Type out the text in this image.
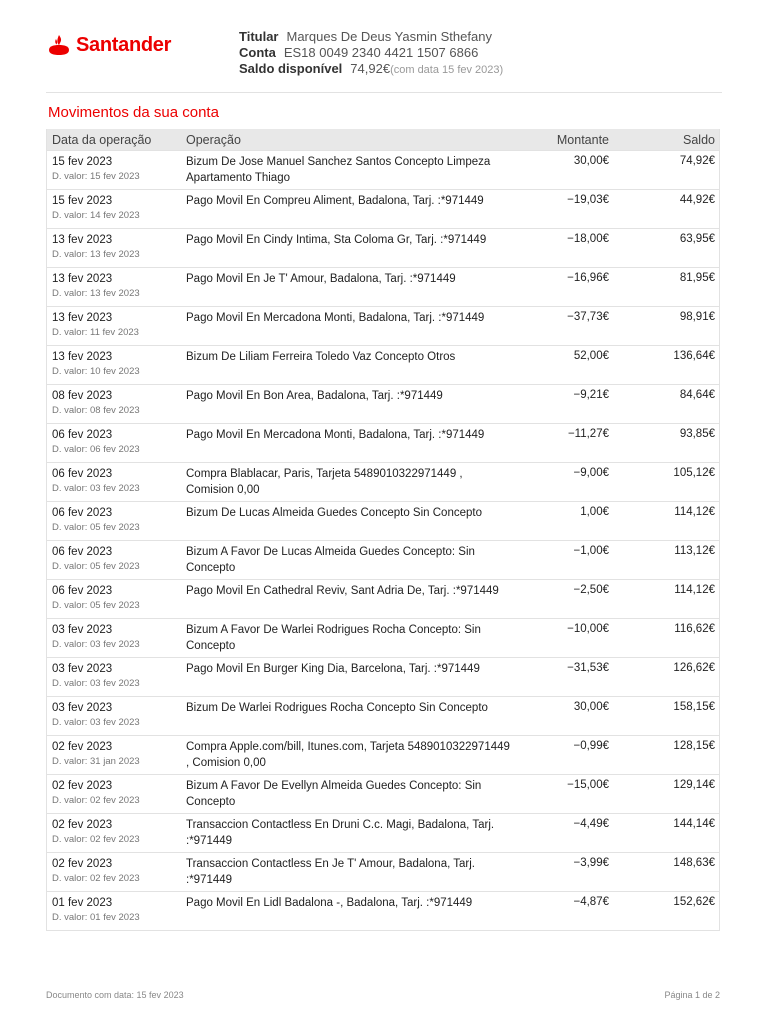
Santander	Titular Marques De Deus Yasmin Sthefany
Conta ES18 0049 2340 4421 1507 6866
Saldo disponível 74,92€(com data 15 fev 2023)
Movimentos da sua conta
Data da operação	Operação	Montante	Saldo
15 fev 2023
D. valor: 15 fev 2023
Bizum De Jose Manuel Sanchez Santos Concepto Limpeza Apartamento Thiago
30,00€	74,92€
15 fev 2023
D. valor: 14 fev 2023
Pago Movil En Compreu Aliment, Badalona, Tarj. :*971449	−19,03€	44,92€
13 fev 2023
D. valor: 13 fev 2023
Pago Movil En Cindy Intima, Sta Coloma Gr, Tarj. :*971449	−18,00€	63,95€
13 fev 2023
D. valor: 13 fev 2023
Pago Movil En Je T' Amour, Badalona, Tarj. :*971449	−16,96€	81,95€
13 fev 2023
D. valor: 11 fev 2023
Pago Movil En Mercadona Monti, Badalona, Tarj. :*971449	−37,73€	98,91€
13 fev 2023
D. valor: 10 fev 2023
Bizum De Liliam Ferreira Toledo Vaz Concepto Otros	52,00€	136,64€
08 fev 2023
D. valor: 08 fev 2023
Pago Movil En Bon Area, Badalona, Tarj. :*971449	−9,21€	84,64€
06 fev 2023
D. valor: 06 fev 2023
Pago Movil En Mercadona Monti, Badalona, Tarj. :*971449	−11,27€	93,85€
06 fev 2023
D. valor: 03 fev 2023
Compra Blablacar, Paris, Tarjeta 5489010322971449 , Comision 0,00
−9,00€	105,12€
06 fev 2023
D. valor: 05 fev 2023
Bizum De Lucas Almeida Guedes Concepto Sin Concepto	1,00€	114,12€
06 fev 2023
D. valor: 05 fev 2023
Bizum A Favor De Lucas Almeida Guedes Concepto: Sin Concepto
−1,00€	113,12€
06 fev 2023
D. valor: 05 fev 2023
Pago Movil En Cathedral Reviv, Sant Adria De, Tarj. :*971449	−2,50€	114,12€
03 fev 2023
D. valor: 03 fev 2023
Bizum A Favor De Warlei Rodrigues Rocha Concepto: Sin Concepto
−10,00€	116,62€
03 fev 2023
D. valor: 03 fev 2023
Pago Movil En Burger King Dia, Barcelona, Tarj. :*971449	−31,53€	126,62€
03 fev 2023
D. valor: 03 fev 2023
Bizum De Warlei Rodrigues Rocha Concepto Sin Concepto	30,00€	158,15€
02 fev 2023
D. valor: 31 jan 2023
Compra Apple.com/bill, Itunes.com, Tarjeta 5489010322971449 , Comision 0,00
−0,99€	128,15€
02 fev 2023
D. valor: 02 fev 2023
Bizum A Favor De Evellyn Almeida Guedes Concepto: Sin Concepto
−15,00€	129,14€
02 fev 2023
D. valor: 02 fev 2023
Transaccion Contactless En Druni C.c. Magi, Badalona, Tarj. :*971449
−4,49€	144,14€
02 fev 2023
D. valor: 02 fev 2023
Transaccion Contactless En Je T' Amour, Badalona, Tarj. :*971449
−3,99€	148,63€
01 fev 2023
D. valor: 01 fev 2023
Pago Movil En Lidl Badalona -, Badalona, Tarj. :*971449	−4,87€	152,62€
Documento com data: 15 fev 2023	Página 1 de 2
